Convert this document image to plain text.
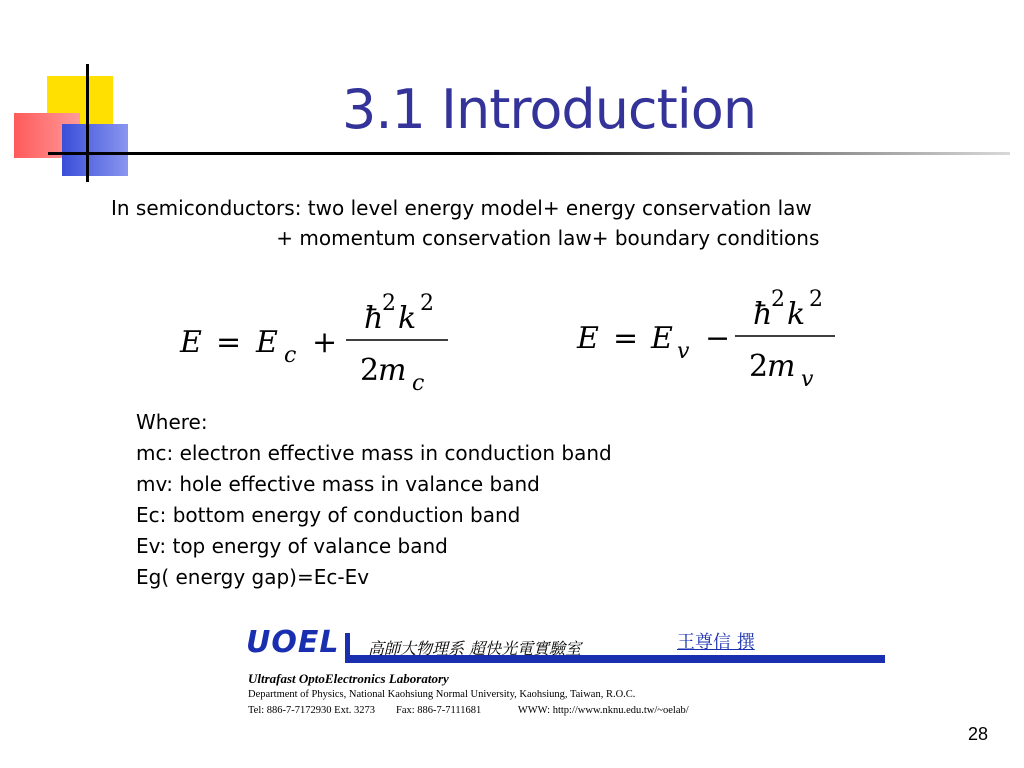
3.1 Introduction
In semiconductors: two level energy model+ energy conservation law
+ momentum conservation law+ boundary conditions
E = E c +
ħ
2 k 2
2
m c
E = E v −
ħ
2 k 2
2
m v
Where:
mc: electron effective mass in conduction band
mv: hole effective mass in valance band
Ec: bottom energy of conduction band
Ev: top energy of valance band
Eg( energy gap)=Ec-Ev
UOEL 高師大物理系 超快光電實驗室	王尊信 撰
Ultrafast OptoElectronics Laboratory
Department of Physics, National Kaohsiung Normal University, Kaohsiung, Taiwan, R.O.C.
Tel: 886-7-7172930 Ext. 3273        Fax: 886-7-7111681              WWW: http://www.nknu.edu.tw/~oelab/
28
